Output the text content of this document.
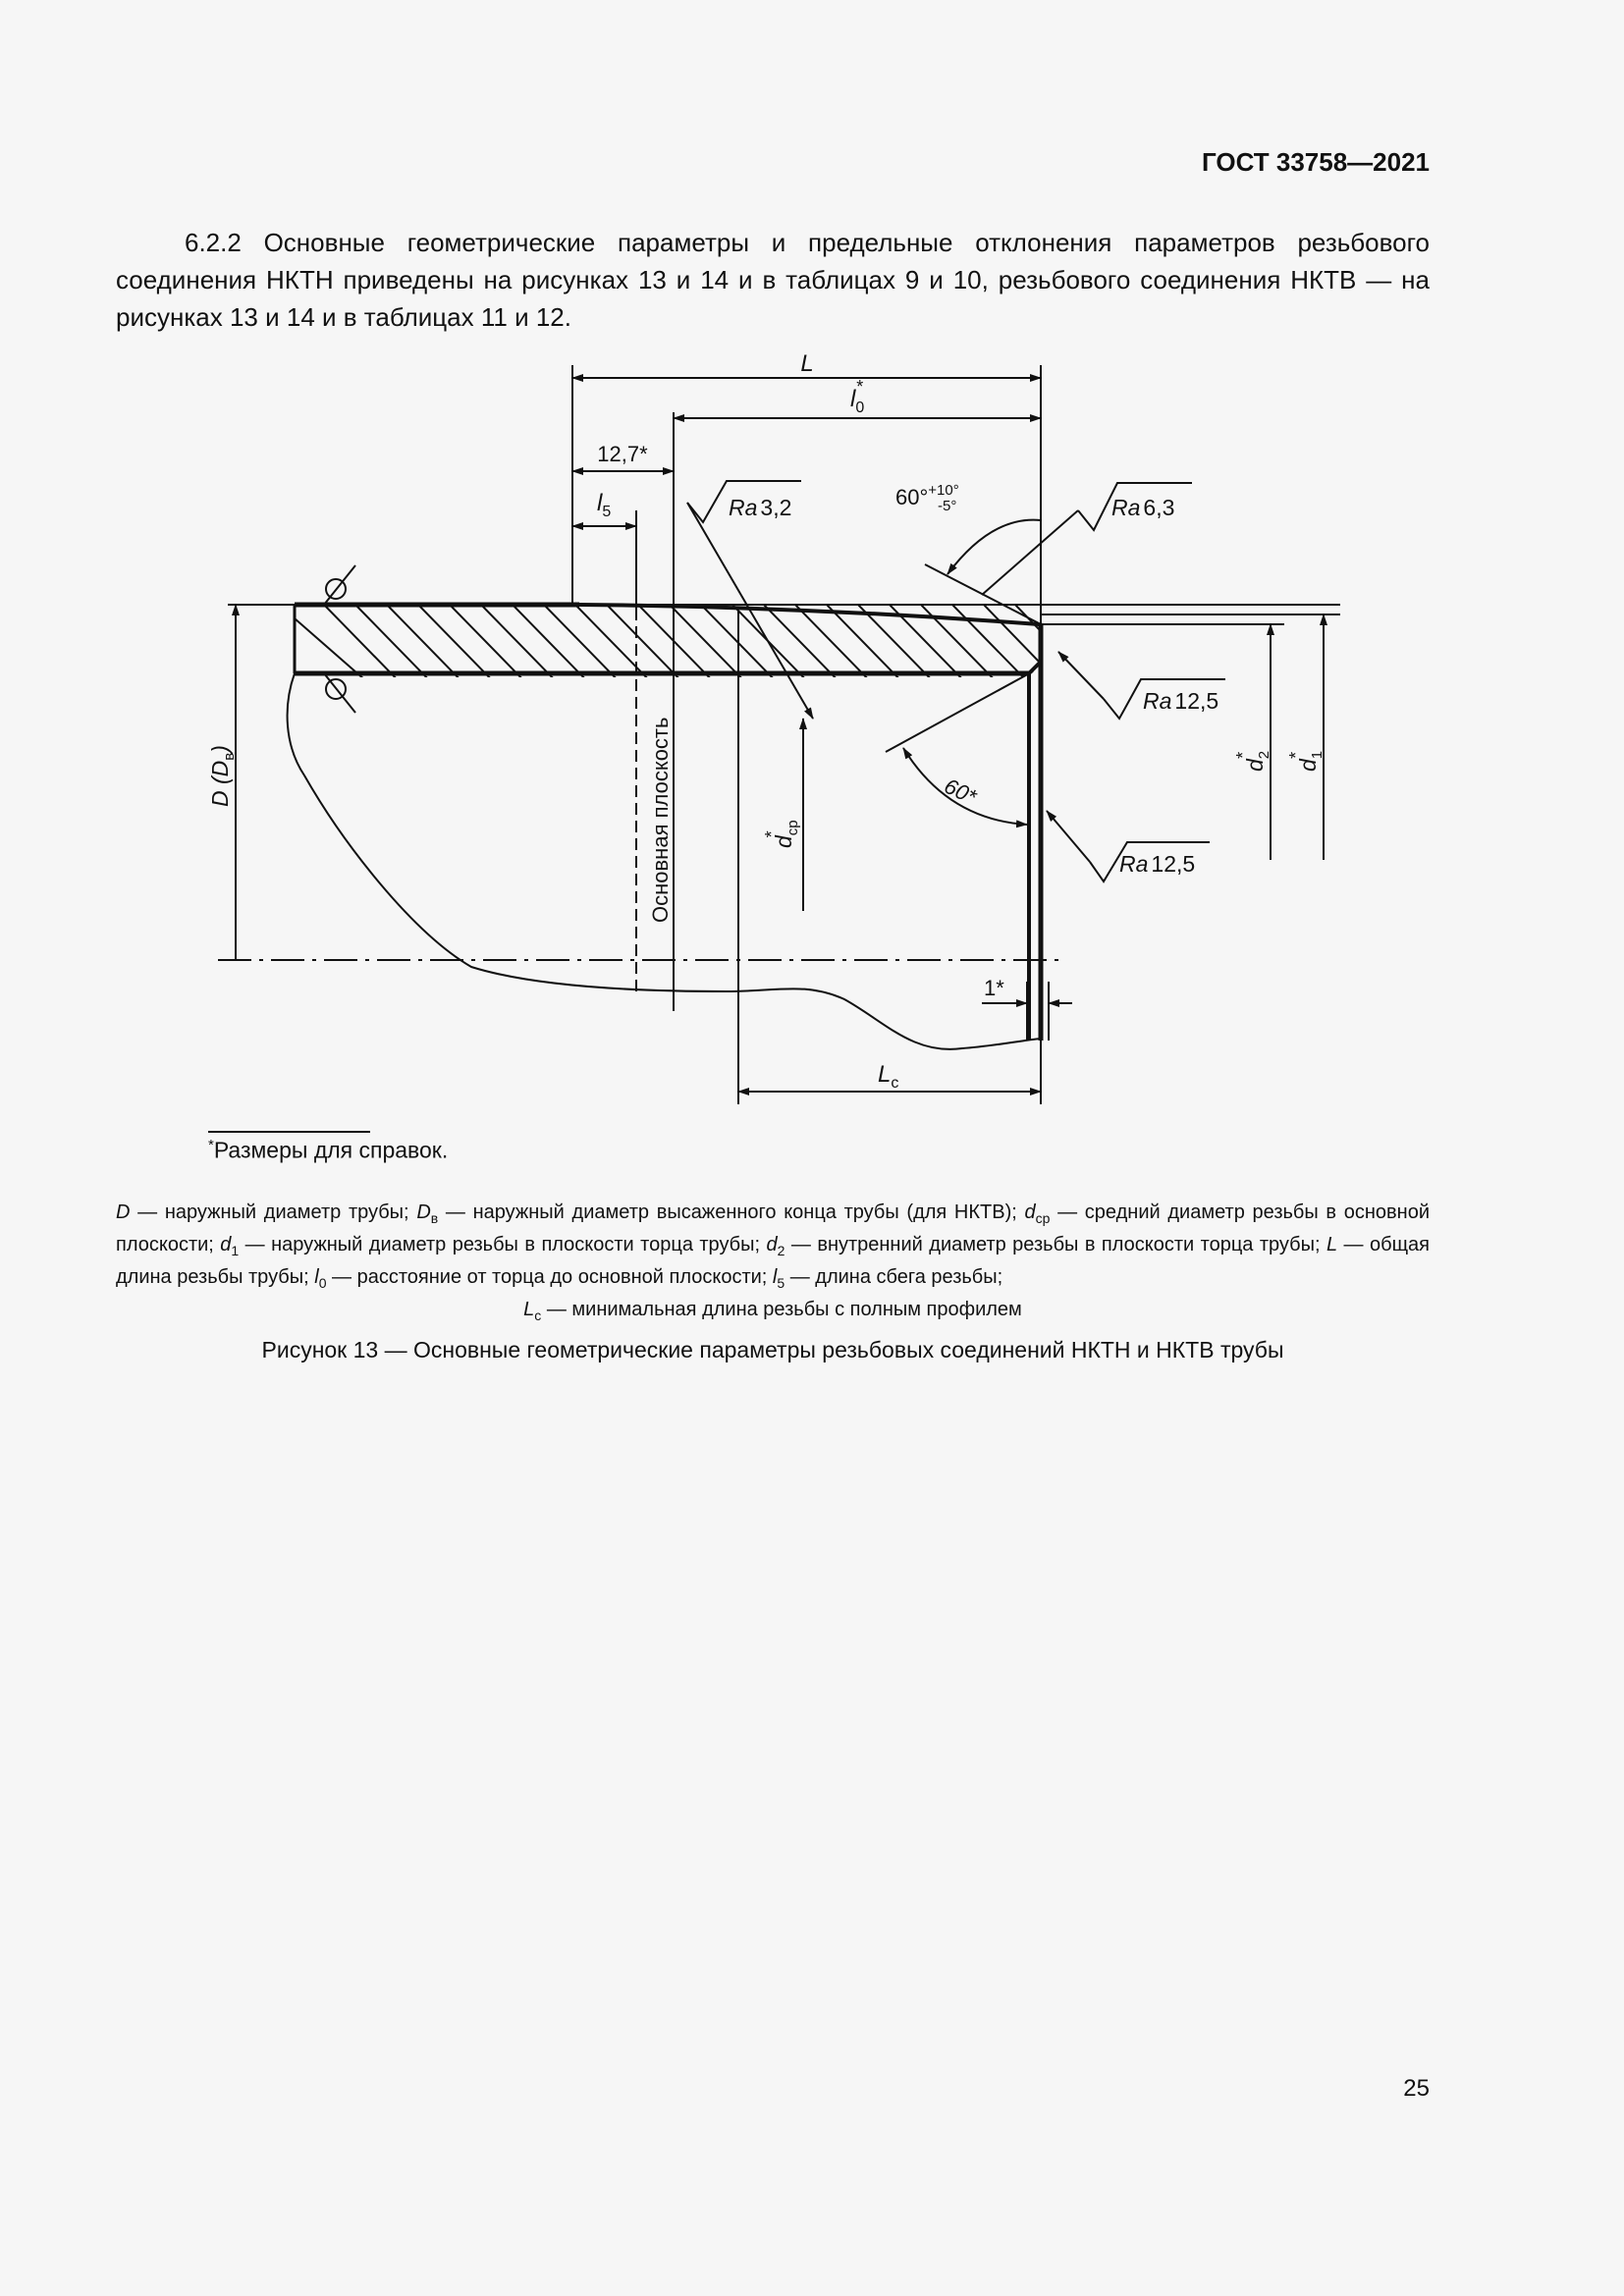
ГОСТ 33758—2021
6.2.2 Основные геометрические параметры и предельные отклонения параметров резьбового соединения НКТН приведены на рисунках 13 и 14 и в таблицах 9 и 10, резьбового соединения НКТВ — на рисунках 13 и 14 и в таблицах 11 и 12.
L
$l_0*$
12,7*
$l_5$
Основная плоскость
Ra 3,2	Ra 6,3
60°$^{+10^\circ}$
-5°
Ra 12,5
Ra 12,5
60*
D $(D_в)$
$d_{ср}*$
$d_2*$
$d_1*$
1*
$L_c$
*Размеры для справок.
D — наружный диаметр трубы; $D_в$ — наружный диаметр высаженного конца трубы (для НКТВ); $d_{ср}$ — средний диаметр резьбы в основной плоскости; $d_1$ — наружный диаметр резьбы в плоскости торца трубы; $d_2$ — внутренний диаметр резьбы в плоскости торца трубы; L — общая длина резьбы трубы; $l_0$ — расстояние от торца до основной плоскости; $l_5$ — длина сбега резьбы;
$L_c$ — минимальная длина резьбы с полным профилем
Рисунок 13 — Основные геометрические параметры резьбовых соединений НКТН и НКТВ трубы
25
